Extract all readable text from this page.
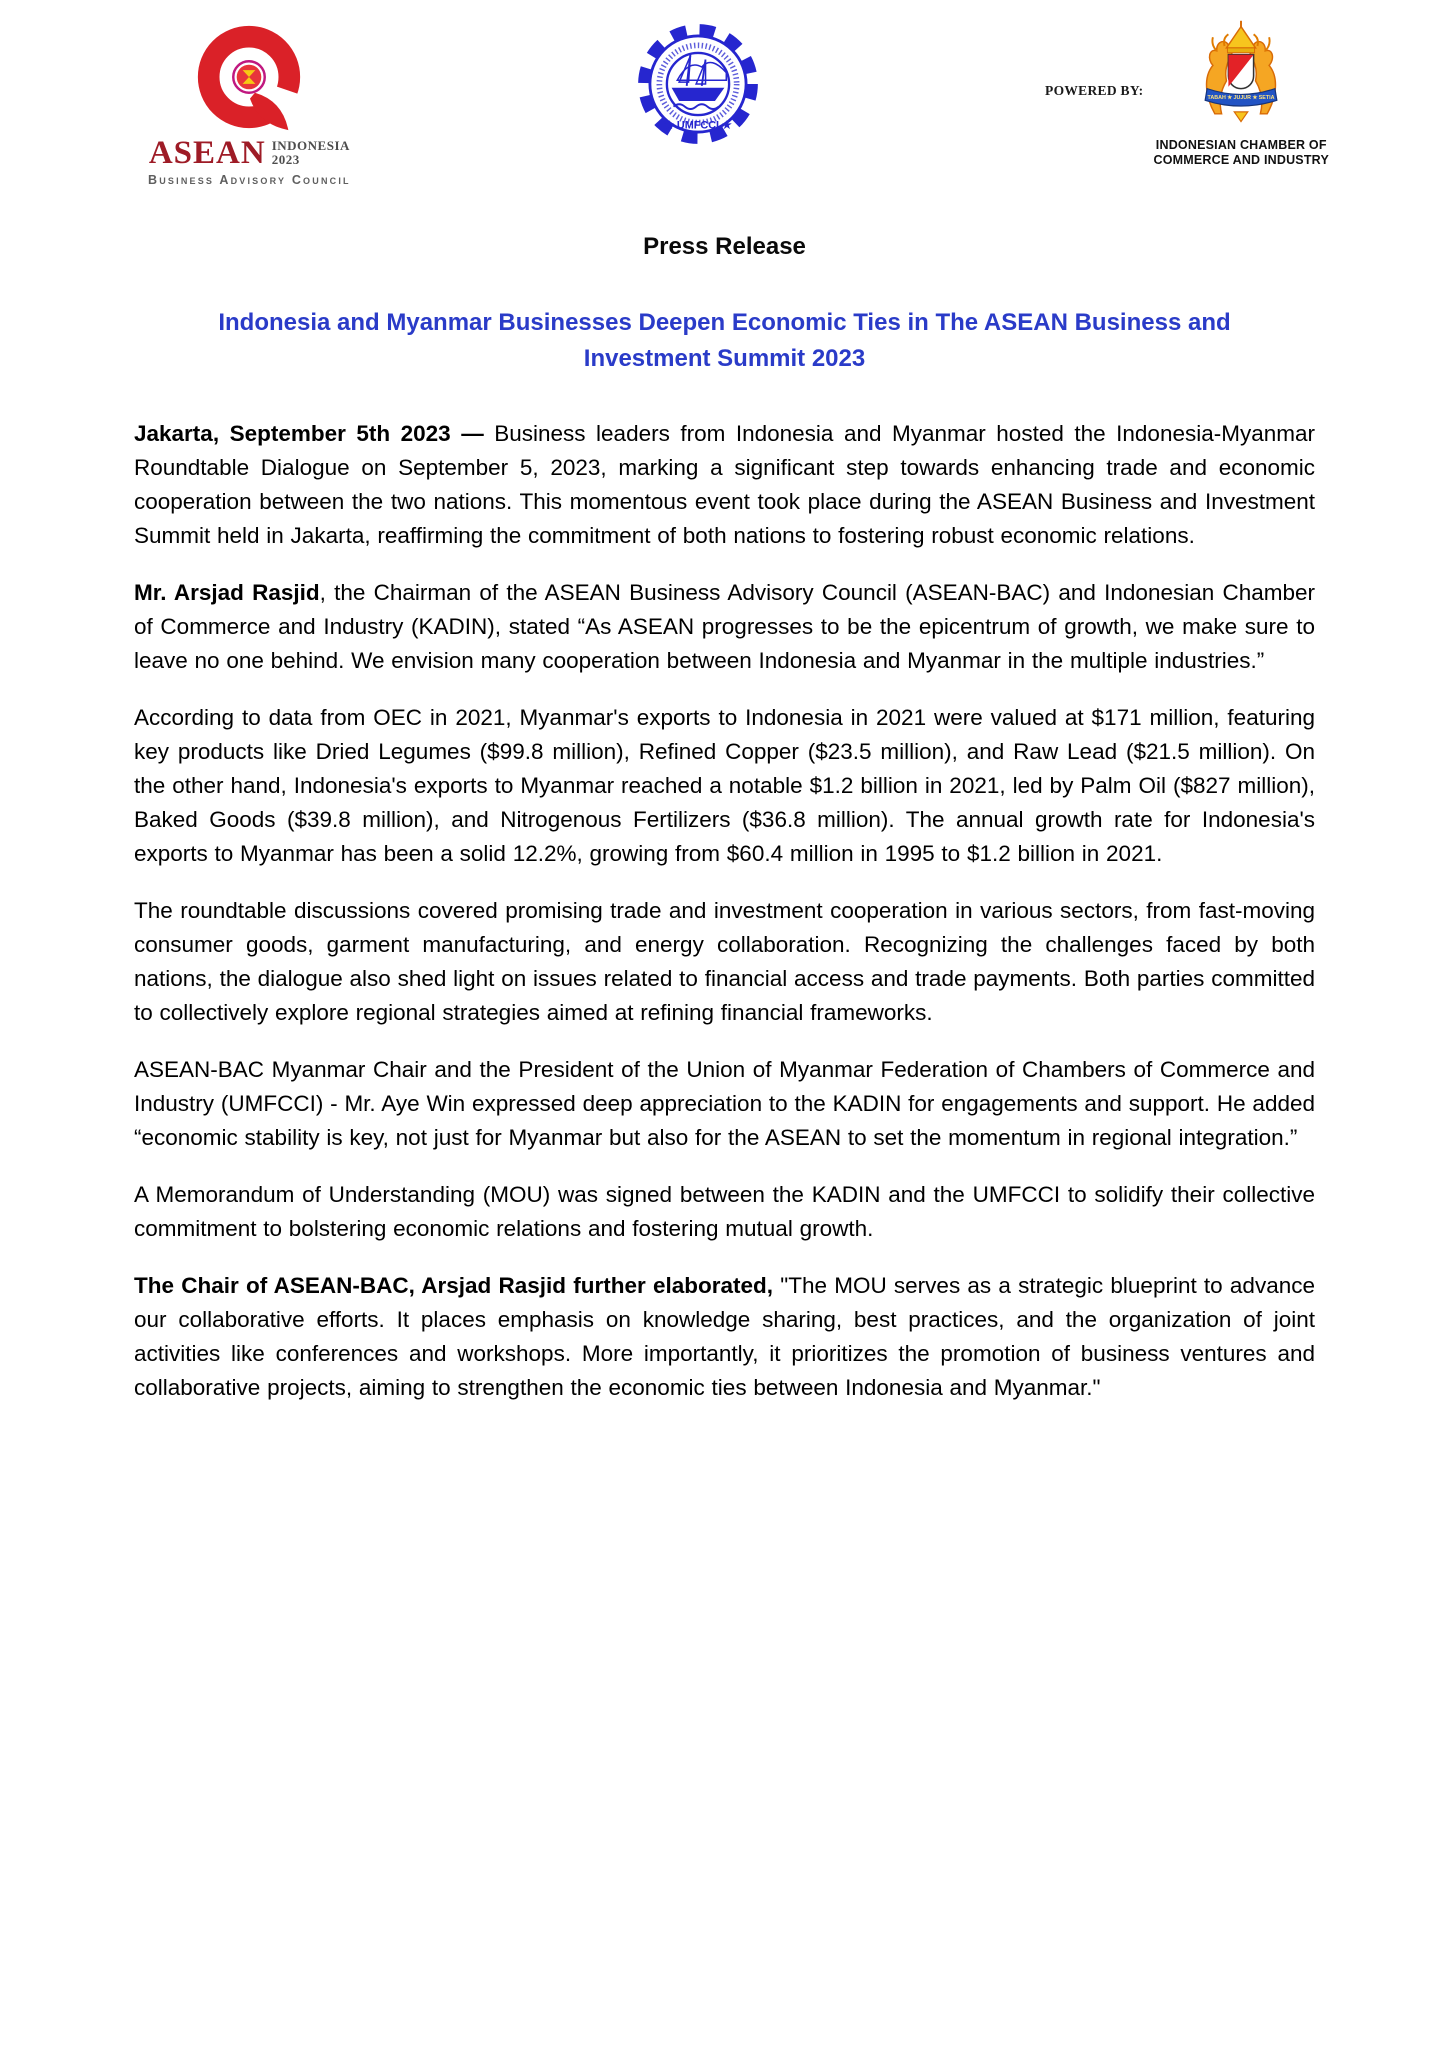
ASEAN INDONESIA
2023
Business Advisory Council
★ UMFCCI ★
POWERED BY:	TABAH ★ JUJUR ★ SETIA
INDONESIAN CHAMBER OF
COMMERCE AND INDUSTRY
Press Release
Indonesia and Myanmar Businesses Deepen Economic Ties in The ASEAN Business and Investment Summit 2023

Jakarta, September 5th 2023 — Business leaders from Indonesia and Myanmar hosted the Indonesia-Myanmar Roundtable Dialogue on September 5, 2023, marking a significant step towards enhancing trade and economic cooperation between the two nations. This momentous event took place during the ASEAN Business and Investment Summit held in Jakarta, reaffirming the commitment of both nations to fostering robust economic relations.

Mr. Arsjad Rasjid, the Chairman of the ASEAN Business Advisory Council (ASEAN-BAC) and Indonesian Chamber of Commerce and Industry (KADIN), stated “As ASEAN progresses to be the epicentrum of growth, we make sure to leave no one behind. We envision many cooperation between Indonesia and Myanmar in the multiple industries.”

According to data from OEC in 2021, Myanmar's exports to Indonesia in 2021 were valued at $171 million, featuring key products like Dried Legumes ($99.8 million), Refined Copper ($23.5 million), and Raw Lead ($21.5 million). On the other hand, Indonesia's exports to Myanmar reached a notable $1.2 billion in 2021, led by Palm Oil ($827 million), Baked Goods ($39.8 million), and Nitrogenous Fertilizers ($36.8 million). The annual growth rate for Indonesia's exports to Myanmar has been a solid 12.2%, growing from $60.4 million in 1995 to $1.2 billion in 2021.

The roundtable discussions covered promising trade and investment cooperation in various sectors, from fast-moving consumer goods, garment manufacturing, and energy collaboration. Recognizing the challenges faced by both nations, the dialogue also shed light on issues related to financial access and trade payments. Both parties committed to collectively explore regional strategies aimed at refining financial frameworks.

ASEAN-BAC Myanmar Chair and the President of the Union of Myanmar Federation of Chambers of Commerce and Industry (UMFCCI) - Mr. Aye Win expressed deep appreciation to the KADIN for engagements and support. He added “economic stability is key, not just for Myanmar but also for the ASEAN to set the momentum in regional integration.”

A Memorandum of Understanding (MOU) was signed between the KADIN and the UMFCCI to solidify their collective commitment to bolstering economic relations and fostering mutual growth.

The Chair of ASEAN-BAC, Arsjad Rasjid further elaborated, "The MOU serves as a strategic blueprint to advance our collaborative efforts. It places emphasis on knowledge sharing, best practices, and the organization of joint activities like conferences and workshops. More importantly, it prioritizes the promotion of business ventures and collaborative projects, aiming to strengthen the economic ties between Indonesia and Myanmar."
